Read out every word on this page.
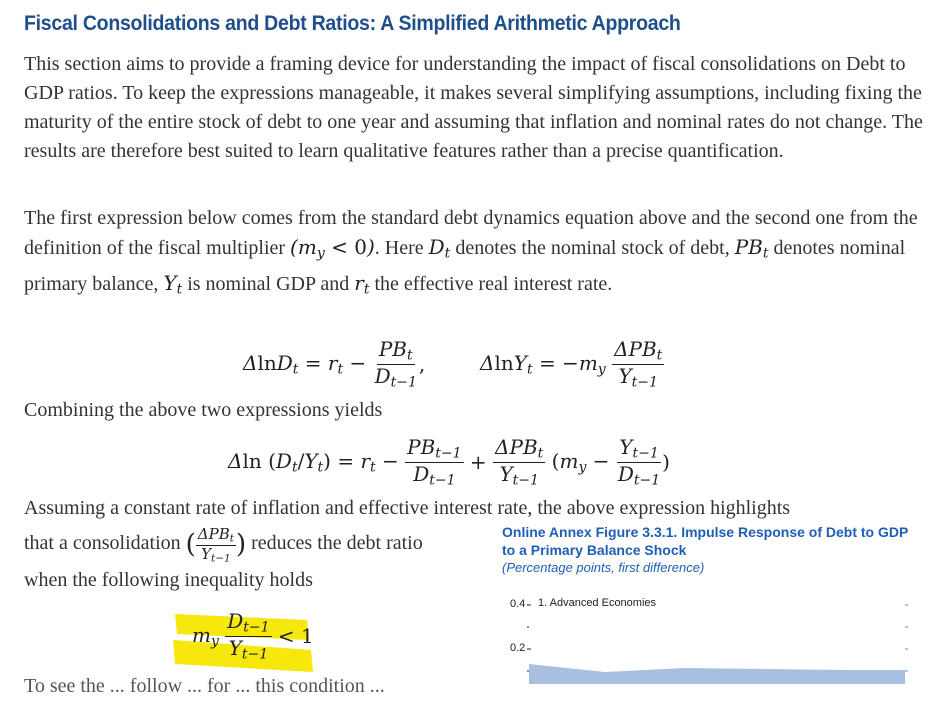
Fiscal Consolidations and Debt Ratios: A Simplified Arithmetic Approach

This section aims to provide a framing device for understanding the impact of fiscal consolidations on Debt to GDP ratios. To keep the expressions manageable, it makes several simplifying assumptions, including fixing the maturity of the entire stock of debt to one year and assuming that inflation and nominal rates do not change. The results are therefore best suited to learn qualitative features rather than a precise quantification.

The first expression below comes from the standard debt dynamics equation above and the second one from the definition of the fiscal multiplier $(m_y < 0)$. Here $D_t$ denotes the nominal stock of debt, $PB_t$ denotes nominal primary balance, $Y_t$ is nominal GDP and $r_t$ the effective real interest rate.

$\Delta\ln D_t = r_t - \frac{PB_t}{D_{t-1}}$ ,	$\Delta\ln Y_t = -m_y \frac{\Delta PB_t}{Y_{t-1}}$

Combining the above two expressions yields

Δln $(D_t/Y_t) = r_t - \frac{PB_{t-1}}{D_{t-1}} + \frac{\Delta PB_t}{Y_{t-1}} (m_y - \frac{Y_{t-1}}{D_{t-1}}$ )

Assuming a constant rate of inflation and effective interest rate, the above expression highlights

that a consolidation ( $\frac{\Delta PB_t}{Y_{t-1}}$ ) reduces the debt ratio

when the following inequality holds

$m_y \frac{D_{t-1}}{Y_{t-1}} < 1$

To see the ... follow ... for ... this condition ...

Online Annex Figure 3.3.1. Impulse Response of Debt to GDP to a Primary Balance Shock
(Percentage points, first difference)
1. Advanced Economies
0.4
0.2
